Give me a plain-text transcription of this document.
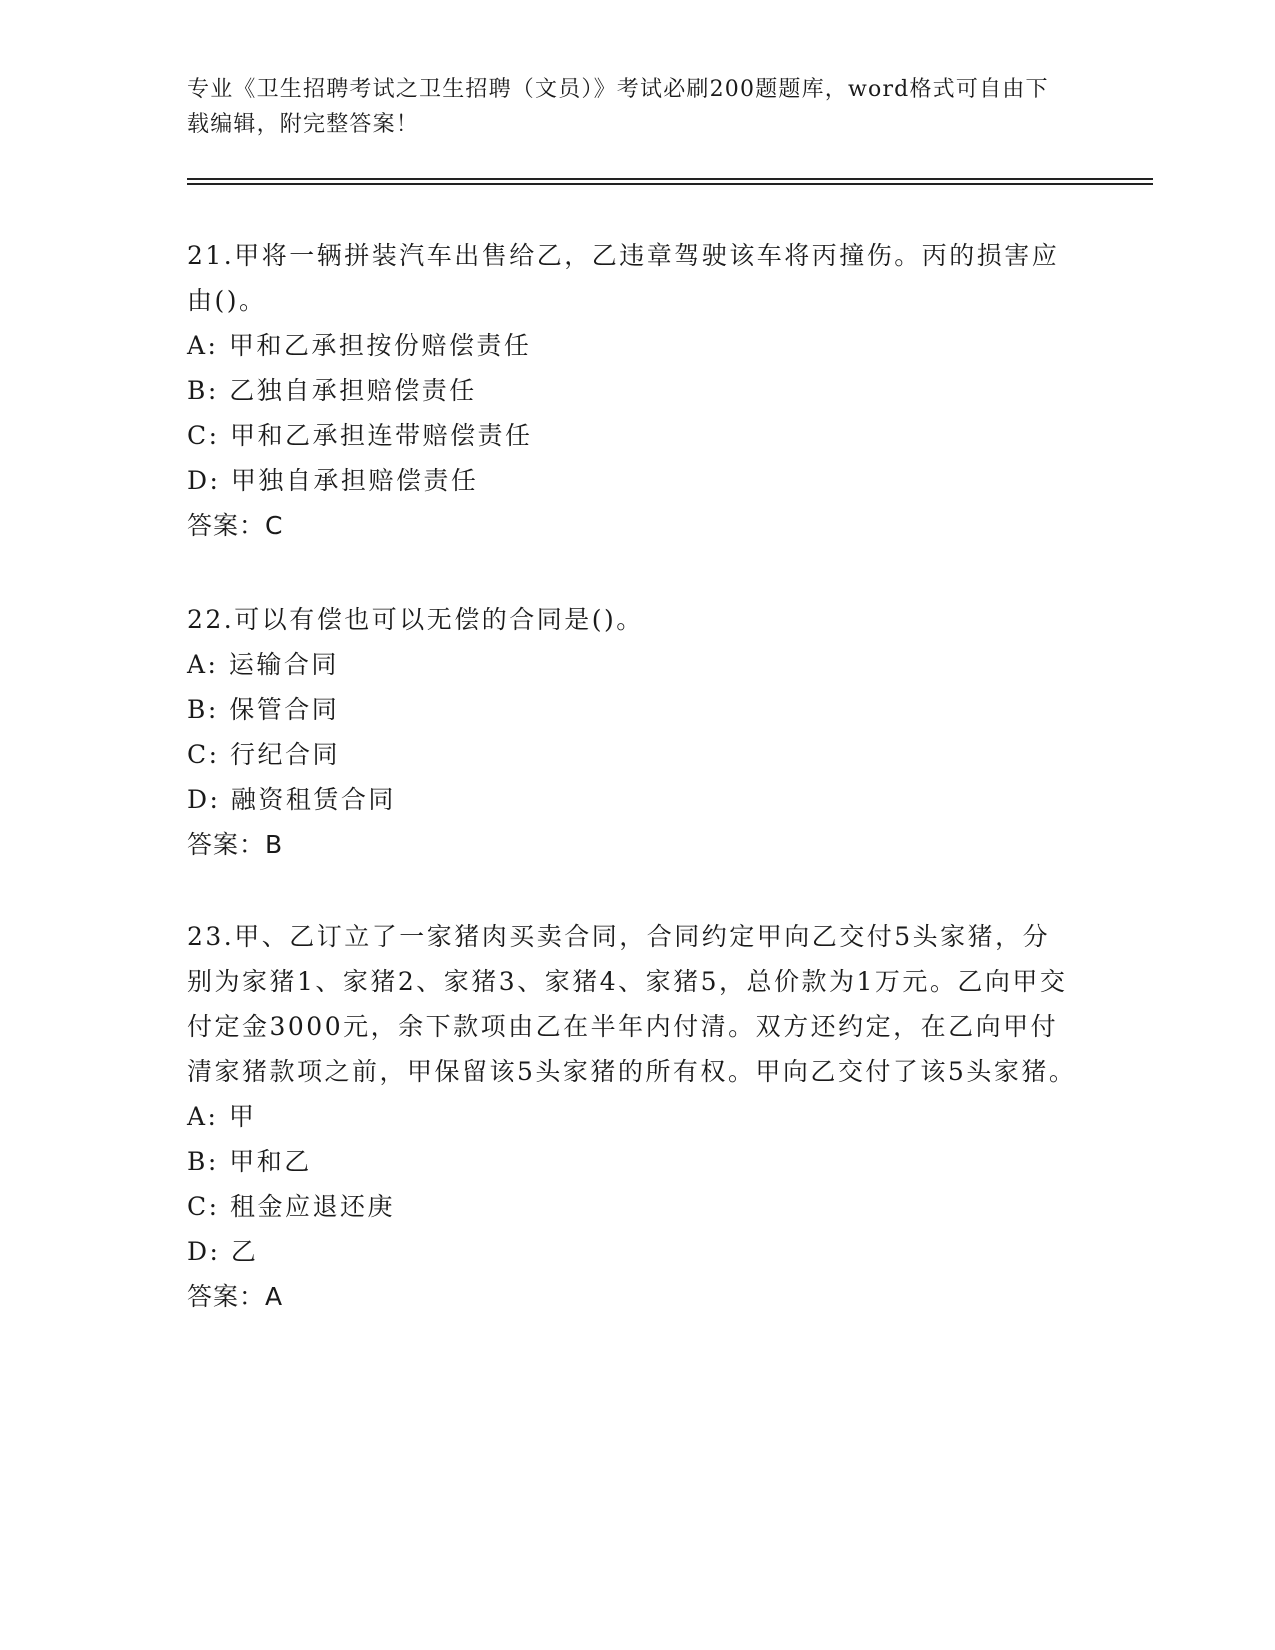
专业《卫生招聘考试之卫生招聘（文员）》考试必刷200题题库，word格式可自由下载编辑，附完整答案！
21.甲将一辆拼装汽车出售给乙，乙违章驾驶该车将丙撞伤。丙的损害应由()。
A: 甲和乙承担按份赔偿责任
B: 乙独自承担赔偿责任
C: 甲和乙承担连带赔偿责任
D: 甲独自承担赔偿责任
答案：C
22.可以有偿也可以无偿的合同是()。
A: 运输合同
B: 保管合同
C: 行纪合同
D: 融资租赁合同
答案：B
23.甲、乙订立了一家猪肉买卖合同，合同约定甲向乙交付5头家猪，分别为家猪1、家猪2、家猪3、家猪4、家猪5，总价款为1万元。乙向甲交付定金3000元，余下款项由乙在半年内付清。双方还约定，在乙向甲付清家猪款项之前，甲保留该5头家猪的所有权。甲向乙交付了该5头家猪。
A: 甲
B: 甲和乙
C: 租金应退还庚
D: 乙
答案：A
